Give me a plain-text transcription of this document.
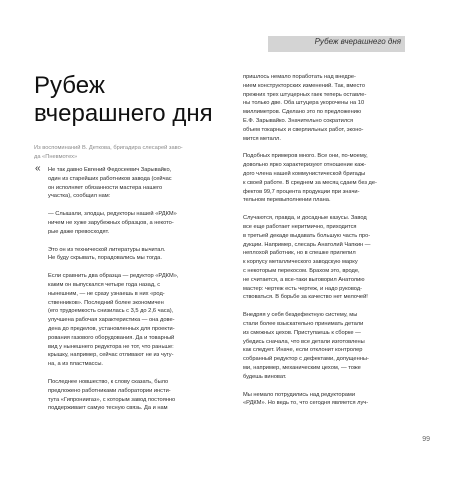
Рубеж вчерашнего дня
Рубеж
вчерашнего дня
Из воспоминаний В. Деткова, бригадира слесарей заво-
да «Пневмотех»
« Не так давно Евгений Федосеевич Зарывайко,
один из старейших работников завода (сейчас
он исполняет обязанности мастера нашего
участка), сообщил нам:

— Слышали, злодцы, редукторы нашей «РДКМ»
ничем не хуже зарубежных образцов, а некото-
рые даже превосходят.

Это он из технической литературы вычитал.
Не буду скрывать, порадовались мы тогда.

Если сравнить два образца — редуктор «РДКМ»,
каким он выпускался четыре года назад, с
нынешним, — не сразу узнаешь в них «род-
ственников». Последний более экономичен
(его трудоемкость снизилась с 3,5 до 2,6 часа),
улучшена рабочая характеристика — она дове-
дена до пределов, установленных для проекти-
рования газового оборудования. Да и товарный
вид у нынешнего редуктора не тот, что раньше:
крышку, например, сейчас отливают не из чугу-
на, а из пластмассы.

Последнее новшество, к слову сказать, было
предложено работниками лаборатории инсти-
тута «Гипрониигаз», с которым завод постоянно
поддерживает самую тесную связь. Да и нам

пришлось немало поработать над внедре-
нием конструкторских изменений. Так, вместо
прежних трех штуцерных гаек теперь оставле-
ны только две. Оба штуцера укорочены на 10
миллиметров. Сделано это по предложению
Е.Ф. Зарывайко. Значительно сократился
объем токарных и сверлильных работ, эконо-
мится металл.

Подобных примеров много. Все они, по-моему,
довольно ярко характеризуют отношение каж-
дого члена нашей коммунистической бригады
к своей работе. В среднем за месяц сдаем без де-
фектов 99,7 процента продукции при значи-
тельном перевыполнении плана.

Случаются, правда, и досадные казусы. Завод
все еще работает неритмично, приходится
в третьей декаде выдавать большую часть про-
дукции. Например, слесарь Анатолий Чапкин —
неплохой работник, но в спешке прилепил
к корпусу металлического заводскую марку
с некоторым перекосом. Брахом это, вроде,
не считается, а все-таки выговорил Анатолию
мастер: чертеж есть чертеж, и надо руковод-
ствоваться. В борьбе за качество нет мелочей!

Внедряя у себя бездефектную систему, мы
стали более взыскательно принимать детали
из смежных цехов. Приступаешь к сборке —
убедись сначала, что все детали изготовлены
как следует. Иначе, если отклонит контролер
собранный редуктор с дефектами, допущенны-
ми, например, механическим цехом, — тоже
будешь виноват.

Мы немало потрудились над редукторами
«РДКМ». Но ведь то, что сегодня является луч-

99
